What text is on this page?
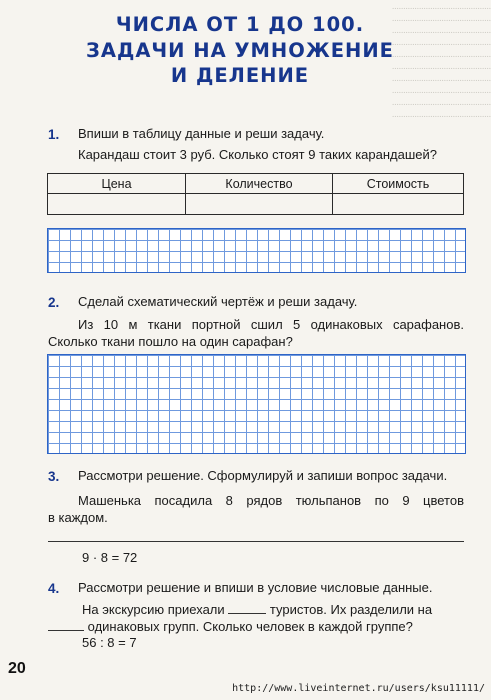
............................................
............................................
............................................
............................................
............................................
............................................
............................................
............................................
............................................
............................................
ЧИСЛА ОТ 1 ДО 100.
ЗАДАЧИ НА УМНОЖЕНИЕ
И ДЕЛЕНИЕ
1. Впиши в таблицу данные и реши задачу.
Карандаш стоит 3 руб. Сколько стоят 9 таких карандашей?
Цена	Количество	Стоимость
2. Сделай схематический чертёж и реши задачу.
Из 10 м ткани портной сшил 5 одинаковых сарафанов.
Сколько ткани пошло на один сарафан?
3. Рассмотри решение. Сформулируй и запиши вопрос задачи.
Машенька посадила 8 рядов тюльпанов по 9 цветов
в каждом.
9 · 8 = 72
4. Рассмотри решение и впиши в условие числовые данные.
На экскурсию приехали	туристов. Их разделили на
одинаковых групп. Сколько человек в каждой группе?
56 : 8 = 7
20
http://www.liveinternet.ru/users/ksu11111/
